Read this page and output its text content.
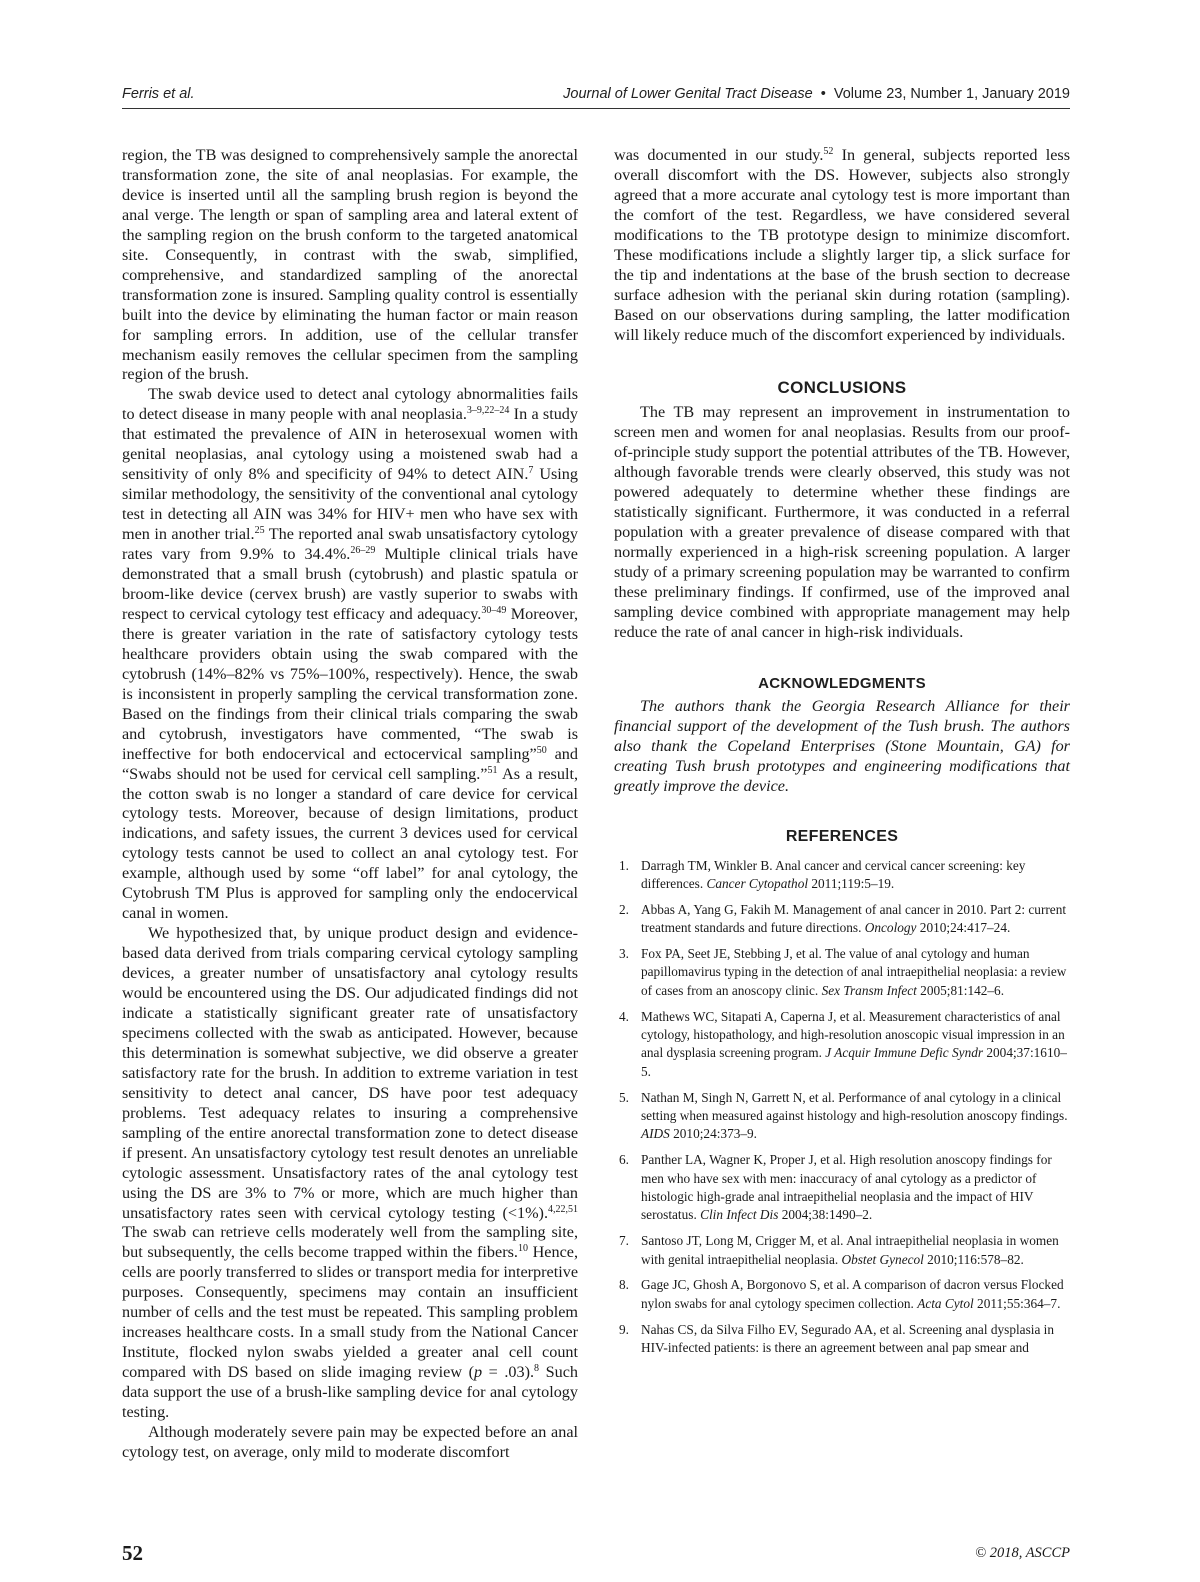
Ferris et al.	Journal of Lower Genital Tract Disease • Volume 23, Number 1, January 2019

region, the TB was designed to comprehensively sample the anorectal transformation zone, the site of anal neoplasias. For example, the device is inserted until all the sampling brush region is beyond the anal verge. The length or span of sampling area and lateral extent of the sampling region on the brush conform to the targeted anatomical site. Consequently, in contrast with the swab, simplified, comprehensive, and standardized sampling of the anorectal transformation zone is insured. Sampling quality control is essentially built into the device by eliminating the human factor or main reason for sampling errors. In addition, use of the cellular transfer mechanism easily removes the cellular specimen from the sampling region of the brush.

The swab device used to detect anal cytology abnormalities fails to detect disease in many people with anal neoplasia.$^{3-9,22-24}$ In a study that estimated the prevalence of AIN in heterosexual women with genital neoplasias, anal cytology using a moistened swab had a sensitivity of only 8% and specificity of 94% to detect AIN.$^7$ Using similar methodology, the sensitivity of the conventional anal cytology test in detecting all AIN was 34% for HIV+ men who have sex with men in another trial.$^{25}$ The reported anal swab unsatisfactory cytology rates vary from 9.9% to 34.4%.$^{26-29}$ Multiple clinical trials have demonstrated that a small brush (cytobrush) and plastic spatula or broom-like device (cervex brush) are vastly superior to swabs with respect to cervical cytology test efficacy and adequacy.$^{30-49}$ Moreover, there is greater variation in the rate of satisfactory cytology tests healthcare providers obtain using the swab compared with the cytobrush (14%–82% vs 75%–100%, respectively). Hence, the swab is inconsistent in properly sampling the cervical transformation zone. Based on the findings from their clinical trials comparing the swab and cytobrush, investigators have commented, “The swab is ineffective for both endocervical and ectocervical sampling”$^{50}$ and “Swabs should not be used for cervical cell sampling.”$^{51}$ As a result, the cotton swab is no longer a standard of care device for cervical cytology tests. Moreover, because of design limitations, product indications, and safety issues, the current 3 devices used for cervical cytology tests cannot be used to collect an anal cytology test. For example, although used by some “off label” for anal cytology, the Cytobrush TM Plus is approved for sampling only the endocervical canal in women.

We hypothesized that, by unique product design and evidence-based data derived from trials comparing cervical cytology sampling devices, a greater number of unsatisfactory anal cytology results would be encountered using the DS. Our adjudicated findings did not indicate a statistically significant greater rate of unsatisfactory specimens collected with the swab as anticipated. However, because this determination is somewhat subjective, we did observe a greater satisfactory rate for the brush. In addition to extreme variation in test sensitivity to detect anal cancer, DS have poor test adequacy problems. Test adequacy relates to insuring a comprehensive sampling of the entire anorectal transformation zone to detect disease if present. An unsatisfactory cytology test result denotes an unreliable cytologic assessment. Unsatisfactory rates of the anal cytology test using the DS are 3% to 7% or more, which are much higher than unsatisfactory rates seen with cervical cytology testing (<1%).$^{4,22,51}$ The swab can retrieve cells moderately well from the sampling site, but subsequently, the cells become trapped within the fibers.$^{10}$ Hence, cells are poorly transferred to slides or transport media for interpretive purposes. Consequently, specimens may contain an insufficient number of cells and the test must be repeated. This sampling problem increases healthcare costs. In a small study from the National Cancer Institute, flocked nylon swabs yielded a greater anal cell count compared with DS based on slide imaging review (p = .03).$^8$ Such data support the use of a brush-like sampling device for anal cytology testing.

Although moderately severe pain may be expected before an anal cytology test, on average, only mild to moderate discomfort

was documented in our study.$^{52}$ In general, subjects reported less overall discomfort with the DS. However, subjects also strongly agreed that a more accurate anal cytology test is more important than the comfort of the test. Regardless, we have considered several modifications to the TB prototype design to minimize discomfort. These modifications include a slightly larger tip, a slick surface for the tip and indentations at the base of the brush section to decrease surface adhesion with the perianal skin during rotation (sampling). Based on our observations during sampling, the latter modification will likely reduce much of the discomfort experienced by individuals.

CONCLUSIONS

The TB may represent an improvement in instrumentation to screen men and women for anal neoplasias. Results from our proof-of-principle study support the potential attributes of the TB. However, although favorable trends were clearly observed, this study was not powered adequately to determine whether these findings are statistically significant. Furthermore, it was conducted in a referral population with a greater prevalence of disease compared with that normally experienced in a high-risk screening population. A larger study of a primary screening population may be warranted to confirm these preliminary findings. If confirmed, use of the improved anal sampling device combined with appropriate management may help reduce the rate of anal cancer in high-risk individuals.

ACKNOWLEDGMENTS

The authors thank the Georgia Research Alliance for their financial support of the development of the Tush brush. The authors also thank the Copeland Enterprises (Stone Mountain, GA) for creating Tush brush prototypes and engineering modifications that greatly improve the device.

REFERENCES
1. Darragh TM, Winkler B. Anal cancer and cervical cancer screening: key differences. Cancer Cytopathol 2011;119:5–19.
2. Abbas A, Yang G, Fakih M. Management of anal cancer in 2010. Part 2: current treatment standards and future directions. Oncology 2010;24:417–24.
3. Fox PA, Seet JE, Stebbing J, et al. The value of anal cytology and human papillomavirus typing in the detection of anal intraepithelial neoplasia: a review of cases from an anoscopy clinic. Sex Transm Infect 2005;81:142–6.
4. Mathews WC, Sitapati A, Caperna J, et al. Measurement characteristics of anal cytology, histopathology, and high-resolution anoscopic visual impression in an anal dysplasia screening program. J Acquir Immune Defic Syndr 2004;37:1610–5.
5. Nathan M, Singh N, Garrett N, et al. Performance of anal cytology in a clinical setting when measured against histology and high-resolution anoscopy findings. AIDS 2010;24:373–9.
6. Panther LA, Wagner K, Proper J, et al. High resolution anoscopy findings for men who have sex with men: inaccuracy of anal cytology as a predictor of histologic high-grade anal intraepithelial neoplasia and the impact of HIV serostatus. Clin Infect Dis 2004;38:1490–2.
7. Santoso JT, Long M, Crigger M, et al. Anal intraepithelial neoplasia in women with genital intraepithelial neoplasia. Obstet Gynecol 2010;116:578–82.
8. Gage JC, Ghosh A, Borgonovo S, et al. A comparison of dacron versus Flocked nylon swabs for anal cytology specimen collection. Acta Cytol 2011;55:364–7.
9. Nahas CS, da Silva Filho EV, Segurado AA, et al. Screening anal dysplasia in HIV-infected patients: is there an agreement between anal pap smear and
52	© 2018, ASCCP
